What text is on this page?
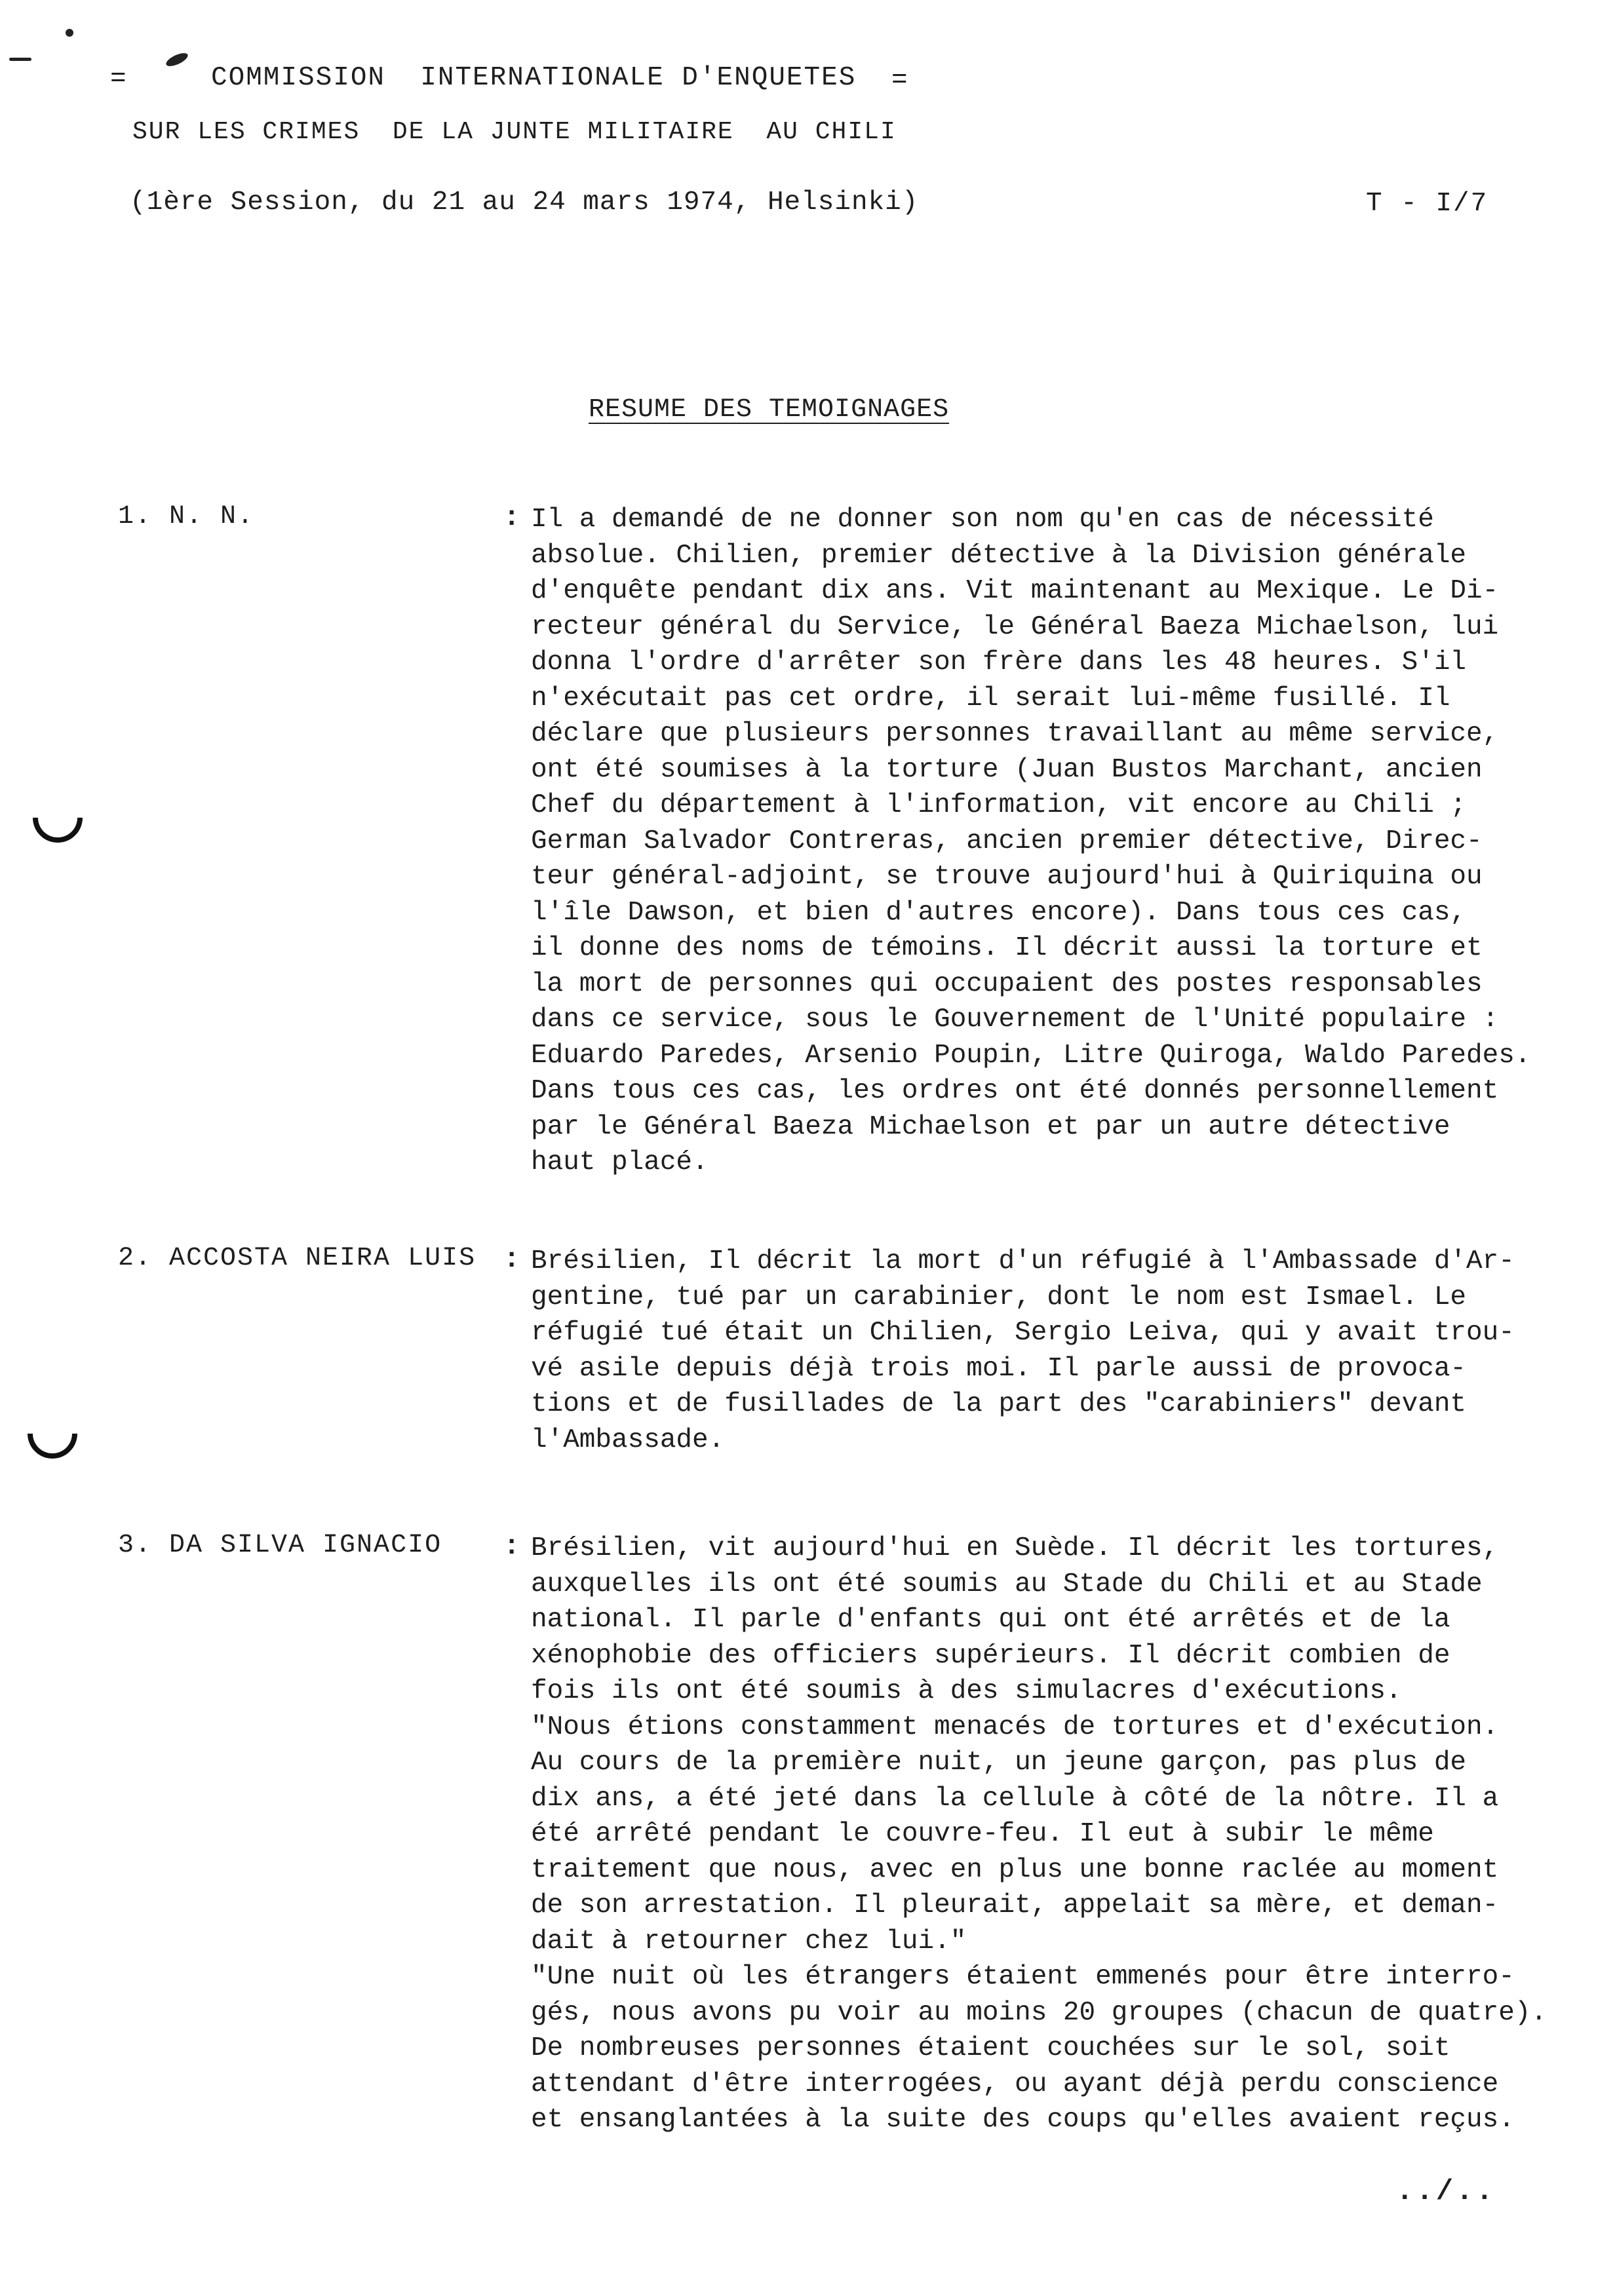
=	COMMISSION  INTERNATIONALE D'ENQUETES =
SUR LES CRIMES  DE LA JUNTE MILITAIRE  AU CHILI
(1ère Session, du 21 au 24 mars 1974, Helsinki)	T - I/7
RESUME DES TEMOIGNAGES
1. N. N.	: Il a demandé de ne donner son nom qu'en cas de nécessité
absolue. Chilien, premier détective à la Division générale
d'enquête pendant dix ans. Vit maintenant au Mexique. Le Di-
recteur général du Service, le Général Baeza Michaelson, lui
donna l'ordre d'arrêter son frère dans les 48 heures. S'il
n'exécutait pas cet ordre, il serait lui-même fusillé. Il
déclare que plusieurs personnes travaillant au même service,
ont été soumises à la torture (Juan Bustos Marchant, ancien
Chef du département à l'information, vit encore au Chili ;
German Salvador Contreras, ancien premier détective, Direc-
teur général-adjoint, se trouve aujourd'hui à Quiriquina ou
l'île Dawson, et bien d'autres encore). Dans tous ces cas,
il donne des noms de témoins. Il décrit aussi la torture et
la mort de personnes qui occupaient des postes responsables
dans ce service, sous le Gouvernement de l'Unité populaire :
Eduardo Paredes, Arsenio Poupin, Litre Quiroga, Waldo Paredes.
Dans tous ces cas, les ordres ont été donnés personnellement
par le Général Baeza Michaelson et par un autre détective
haut placé.
2. ACCOSTA NEIRA LUIS : Brésilien, Il décrit la mort d'un réfugié à l'Ambassade d'Ar-
gentine, tué par un carabinier, dont le nom est Ismael. Le
réfugié tué était un Chilien, Sergio Leiva, qui y avait trou-
vé asile depuis déjà trois moi. Il parle aussi de provoca-
tions et de fusillades de la part des "carabiniers" devant
l'Ambassade.
3. DA SILVA IGNACIO : Brésilien, vit aujourd'hui en Suède. Il décrit les tortures,
auxquelles ils ont été soumis au Stade du Chili et au Stade
national. Il parle d'enfants qui ont été arrêtés et de la
xénophobie des officiers supérieurs. Il décrit combien de
fois ils ont été soumis à des simulacres d'exécutions.
"Nous étions constamment menacés de tortures et d'exécution.
Au cours de la première nuit, un jeune garçon, pas plus de
dix ans, a été jeté dans la cellule à côté de la nôtre. Il a
été arrêté pendant le couvre-feu. Il eut à subir le même
traitement que nous, avec en plus une bonne raclée au moment
de son arrestation. Il pleurait, appelait sa mère, et deman-
dait à retourner chez lui."
"Une nuit où les étrangers étaient emmenés pour être interro-
gés, nous avons pu voir au moins 20 groupes (chacun de quatre).
De nombreuses personnes étaient couchées sur le sol, soit
attendant d'être interrogées, ou ayant déjà perdu conscience
et ensanglantées à la suite des coups qu'elles avaient reçus.
../..
